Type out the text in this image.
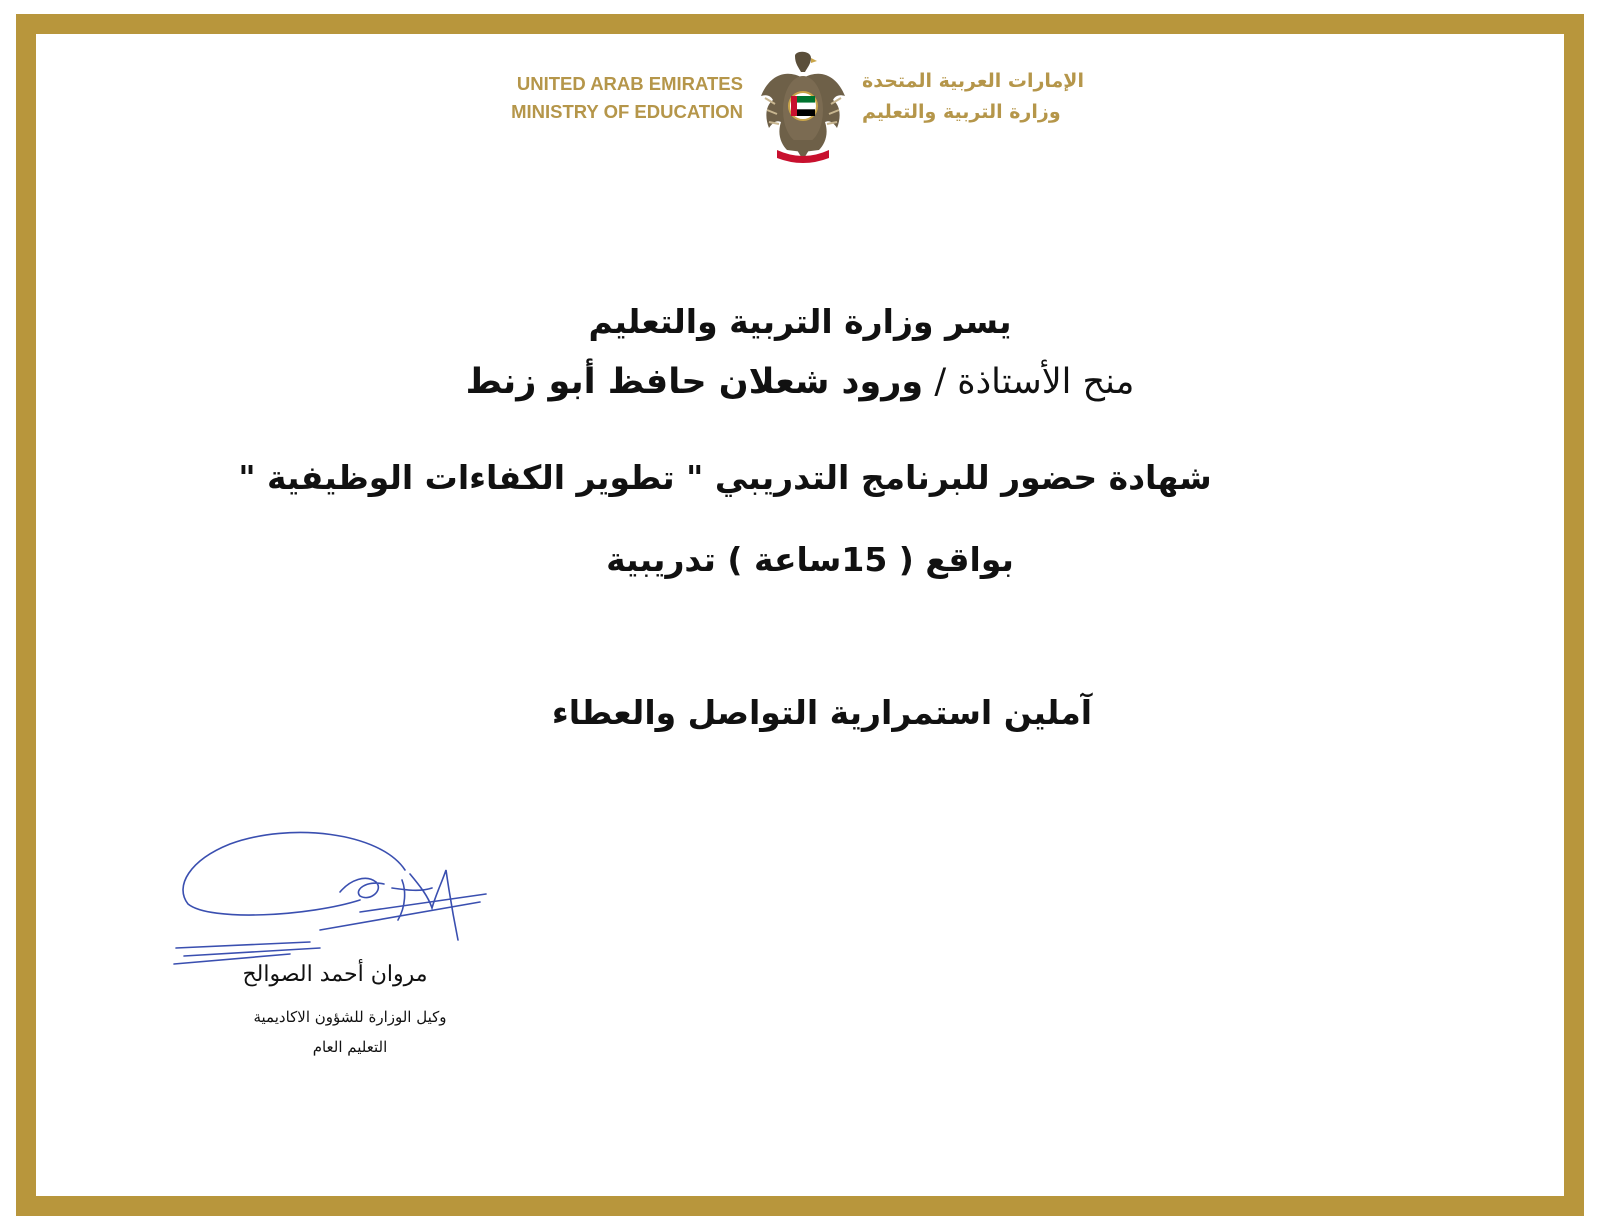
UNITED ARAB EMIRATES
MINISTRY OF EDUCATION
الإمارات العربية المتحدة
وزارة التربية والتعليم
يسر وزارة التربية والتعليم
منح الأستاذة / ورود شعلان حافظ أبو زنط
شهادة حضور للبرنامج التدريبي " تطوير الكفاءات الوظيفية "
بواقع ( 15ساعة ) تدريبية
آملين استمرارية التواصل والعطاء
مروان أحمد الصوالح
وكيل الوزارة للشؤون الاكاديمية
التعليم العام
